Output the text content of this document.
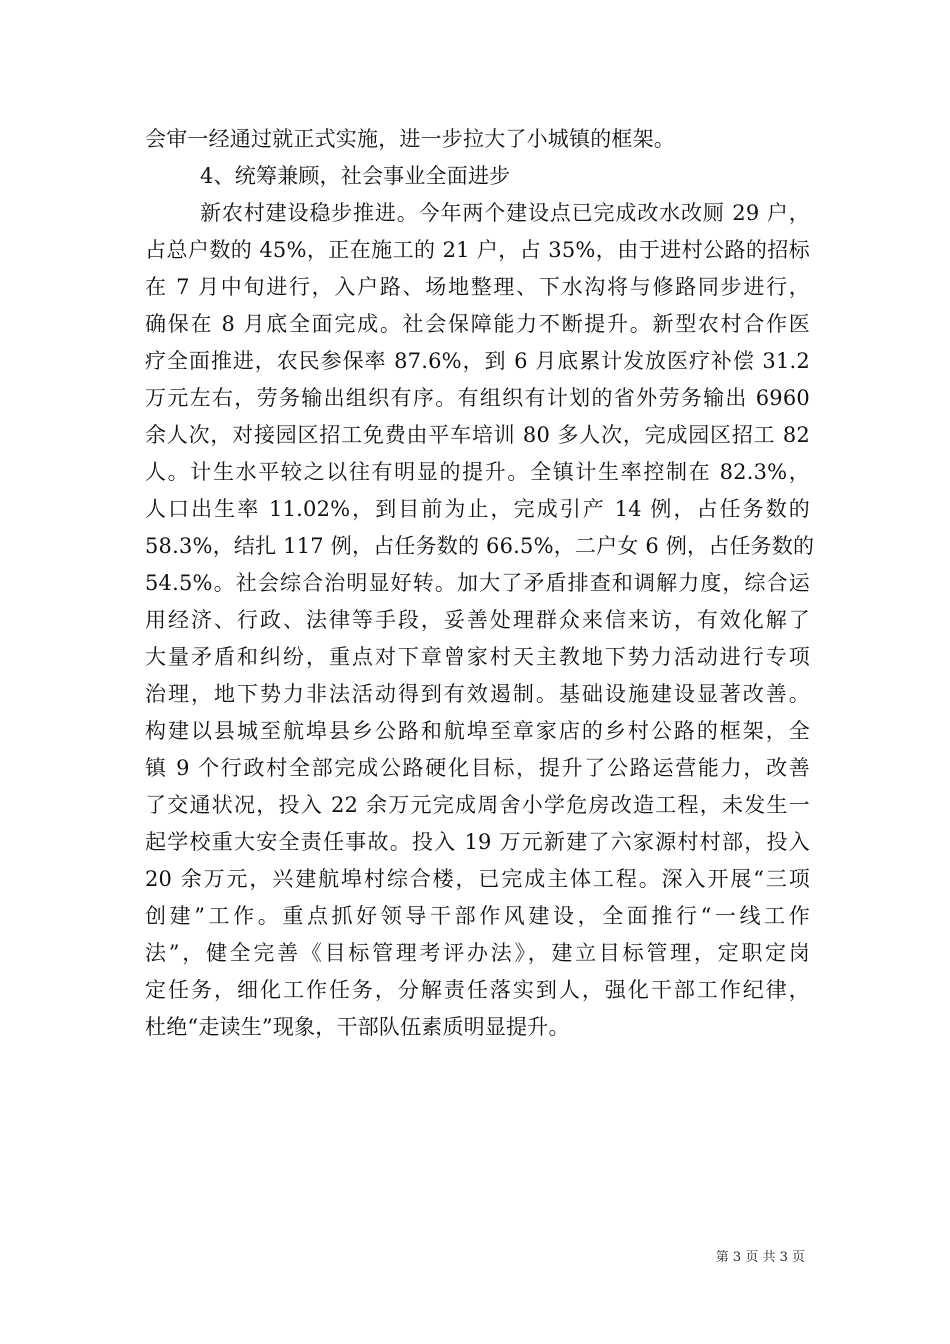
会审一经通过就正式实施，进一步拉大了小城镇的框架。
4、统筹兼顾，社会事业全面进步
新农村建设稳步推进。今年两个建设点已完成改水改厕 29 户，
占总户数的 45%，正在施工的 21 户，占 35%，由于进村公路的招标
在 7 月中旬进行，入户路、场地整理、下水沟将与修路同步进行，
确保在 8 月底全面完成。社会保障能力不断提升。新型农村合作医
疗全面推进，农民参保率 87.6%，到 6 月底累计发放医疗补偿 31.2
万元左右，劳务输出组织有序。有组织有计划的省外劳务输出 6960
余人次，对接园区招工免费由平车培训 80 多人次，完成园区招工 82
人。计生水平较之以往有明显的提升。全镇计生率控制在 82.3%，
人口出生率 11.02%，到目前为止，完成引产 14 例，占任务数的
58.3%，结扎 117 例，占任务数的 66.5%，二户女 6 例，占任务数的
54.5%。社会综合治明显好转。加大了矛盾排查和调解力度，综合运
用经济、行政、法律等手段，妥善处理群众来信来访，有效化解了
大量矛盾和纠纷，重点对下章曾家村天主教地下势力活动进行专项
治理，地下势力非法活动得到有效遏制。基础设施建设显著改善。
构建以县城至航埠县乡公路和航埠至章家店的乡村公路的框架，全
镇 9 个行政村全部完成公路硬化目标，提升了公路运营能力，改善
了交通状况，投入 22 余万元完成周舍小学危房改造工程，未发生一
起学校重大安全责任事故。投入 19 万元新建了六家源村村部，投入
20 余万元，兴建航埠村综合楼，已完成主体工程。深入开展“三项
创建”工作。重点抓好领导干部作风建设，全面推行“一线工作
法”，健全完善《目标管理考评办法》，建立目标管理，定职定岗
定任务，细化工作任务，分解责任落实到人，强化干部工作纪律，
杜绝“走读生”现象，干部队伍素质明显提升。
第 3 页 共 3 页
